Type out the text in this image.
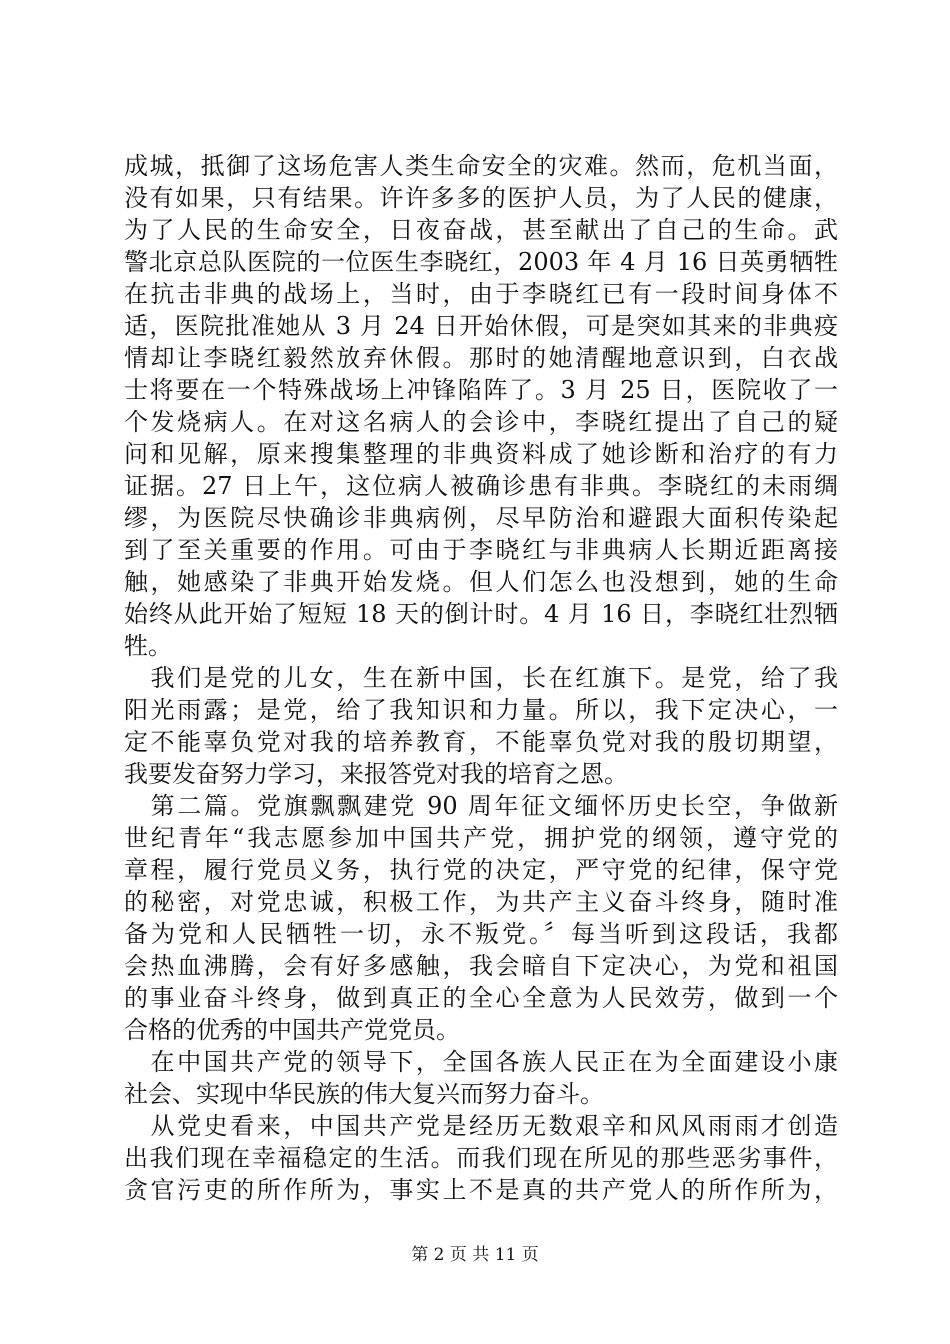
成城，抵御了这场危害人类生命安全的灾难。然而，危机当面，
没有如果，只有结果。许许多多的医护人员，为了人民的健康，
为了人民的生命安全，日夜奋战，甚至献出了自己的生命。武
警北京总队医院的一位医生李晓红，2003 年 4 月 16 日英勇牺牲
在抗击非典的战场上，当时，由于李晓红已有一段时间身体不
适，医院批准她从 3 月 24 日开始休假，可是突如其来的非典疫
情却让李晓红毅然放弃休假。那时的她清醒地意识到，白衣战
士将要在一个特殊战场上冲锋陷阵了。3 月 25 日，医院收了一
个发烧病人。在对这名病人的会诊中，李晓红提出了自己的疑
问和见解，原来搜集整理的非典资料成了她诊断和治疗的有力
证据。27 日上午，这位病人被确诊患有非典。李晓红的未雨绸
缪，为医院尽快确诊非典病例，尽早防治和避跟大面积传染起
到了至关重要的作用。可由于李晓红与非典病人长期近距离接
触，她感染了非典开始发烧。但人们怎么也没想到，她的生命
始终从此开始了短短 18 天的倒计时。4 月 16 日，李晓红壮烈牺
牲。
　我们是党的儿女，生在新中国，长在红旗下。是党，给了我
阳光雨露；是党，给了我知识和力量。所以，我下定决心，一
定不能辜负党对我的培养教育，不能辜负党对我的殷切期望，
我要发奋努力学习，来报答党对我的培育之恩。
　第二篇。党旗飘飘建党 90 周年征文缅怀历史长空，争做新
世纪青年“我志愿参加中国共产党，拥护党的纲领，遵守党的
章程，履行党员义务，执行党的决定，严守党的纪律，保守党
的秘密，对党忠诚，积极工作，为共产主义奋斗终身，随时准
备为党和人民牺牲一切，永不叛党。〞每当听到这段话，我都
会热血沸腾，会有好多感触，我会暗自下定决心，为党和祖国
的事业奋斗终身，做到真正的全心全意为人民效劳，做到一个
合格的优秀的中国共产党党员。
　在中国共产党的领导下，全国各族人民正在为全面建设小康
社会、实现中华民族的伟大复兴而努力奋斗。
　从党史看来，中国共产党是经历无数艰辛和风风雨雨才创造
出我们现在幸福稳定的生活。而我们现在所见的那些恶劣事件，
贪官污吏的所作所为，事实上不是真的共产党人的所作所为，
第 2 页 共 11 页
